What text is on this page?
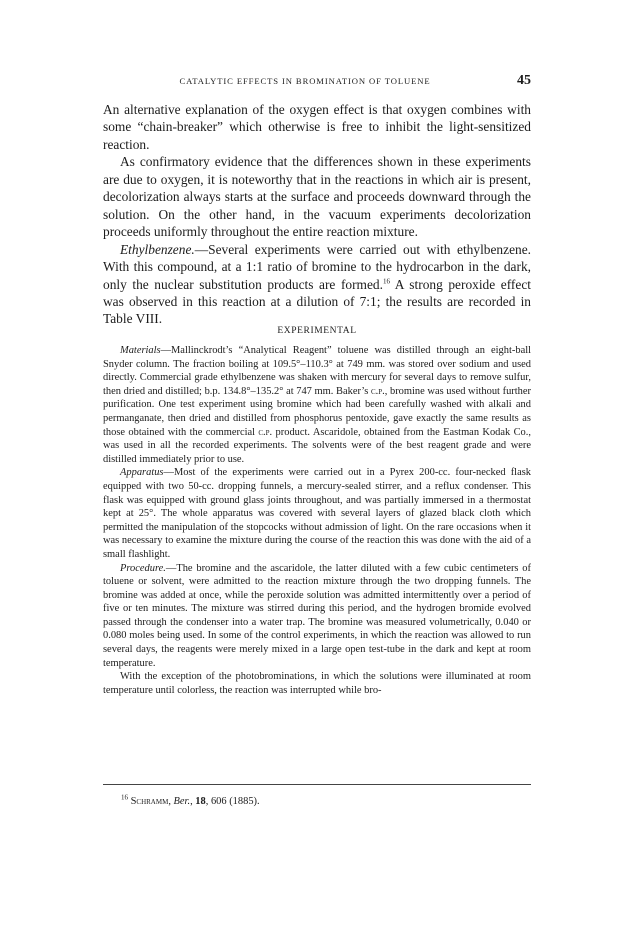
CATALYTIC EFFECTS IN BROMINATION OF TOLUENE	45

An alternative explanation of the oxygen effect is that oxygen combines with some “chain-breaker” which otherwise is free to inhibit the light-sensitized reaction.

As confirmatory evidence that the differences shown in these experiments are due to oxygen, it is noteworthy that in the reactions in which air is present, decolorization always starts at the surface and proceeds downward through the solution. On the other hand, in the vacuum experiments decolorization proceeds uniformly throughout the entire reaction mixture.

Ethylbenzene.—Several experiments were carried out with ethylbenzene. With this compound, at a 1:1 ratio of bromine to the hydrocarbon in the dark, only the nuclear substitution products are formed.$^{16}$ A strong peroxide effect was observed in this reaction at a dilution of 7:1; the results are recorded in Table VIII.

EXPERIMENTAL

Materials—Mallinckrodt’s “Analytical Reagent” toluene was distilled through an eight-ball Snyder column. The fraction boiling at 109.5°–110.3° at 749 mm. was stored over sodium and used directly. Commercial grade ethylbenzene was shaken with mercury for several days to remove sulfur, then dried and distilled; b.p. 134.8°–135.2° at 747 mm. Baker’s c.p., bromine was used without further purification. One test experiment using bromine which had been carefully washed with alkali and permanganate, then dried and distilled from phosphorus pentoxide, gave exactly the same results as those obtained with the commercial c.p. product. Ascaridole, obtained from the Eastman Kodak Co., was used in all the recorded experiments. The solvents were of the best reagent grade and were distilled immediately prior to use.

Apparatus—Most of the experiments were carried out in a Pyrex 200-cc. four-necked flask equipped with two 50-cc. dropping funnels, a mercury-sealed stirrer, and a reflux condenser. This flask was equipped with ground glass joints throughout, and was partially immersed in a thermostat kept at 25°. The whole apparatus was covered with several layers of glazed black cloth which permitted the manipulation of the stopcocks without admission of light. On the rare occasions when it was necessary to examine the mixture during the course of the reaction this was done with the aid of a small flashlight.

Procedure.—The bromine and the ascaridole, the latter diluted with a few cubic centimeters of toluene or solvent, were admitted to the reaction mixture through the two dropping funnels. The bromine was added at once, while the peroxide solution was admitted intermittently over a period of five or ten minutes. The mixture was stirred during this period, and the hydrogen bromide evolved passed through the condenser into a water trap. The bromine was measured volumetrically, 0.040 or 0.080 moles being used. In some of the control experiments, in which the reaction was allowed to run several days, the reagents were merely mixed in a large open test-tube in the dark and kept at room temperature.

With the exception of the photobrominations, in which the solutions were illuminated at room temperature until colorless, the reaction was interrupted while bro-

$^{16}$ Schramm, Ber., 18, 606 (1885).
